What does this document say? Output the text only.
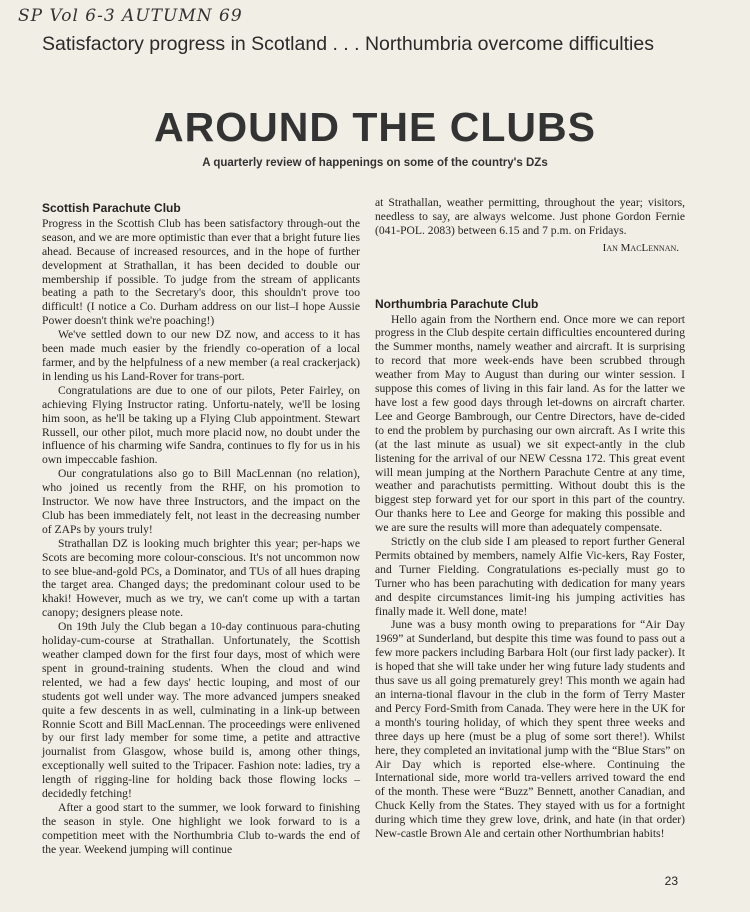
SP Vol 6-3 AUTUMN 69
Satisfactory progress in Scotland . . . Northumbria overcome difficulties
AROUND THE CLUBS
A quarterly review of happenings on some of the country's DZs
Scottish Parachute Club

Progress in the Scottish Club has been satisfactory through-out the season, and we are more optimistic than ever that a bright future lies ahead. Because of increased resources, and in the hope of further development at Strathallan, it has been decided to double our membership if possible. To judge from the stream of applicants beating a path to the Secretary's door, this shouldn't prove too difficult! (I notice a Co. Durham address on our list–I hope Aussie Power doesn't think we're poaching!)

We've settled down to our new DZ now, and access to it has been made much easier by the friendly co-operation of a local farmer, and by the helpfulness of a new member (a real crackerjack) in lending us his Land-Rover for trans-port.

Congratulations are due to one of our pilots, Peter Fairley, on achieving Flying Instructor rating. Unfortu-nately, we'll be losing him soon, as he'll be taking up a Flying Club appointment. Stewart Russell, our other pilot, much more placid now, no doubt under the influence of his charming wife Sandra, continues to fly for us in his own impeccable fashion.

Our congratulations also go to Bill MacLennan (no relation), who joined us recently from the RHF, on his promotion to Instructor. We now have three Instructors, and the impact on the Club has been immediately felt, not least in the decreasing number of ZAPs by yours truly!

Strathallan DZ is looking much brighter this year; per-haps we Scots are becoming more colour-conscious. It's not uncommon now to see blue-and-gold PCs, a Dominator, and TUs of all hues draping the target area. Changed days; the predominant colour used to be khaki! However, much as we try, we can't come up with a tartan canopy; designers please note.

On 19th July the Club began a 10-day continuous para-chuting holiday-cum-course at Strathallan. Unfortunately, the Scottish weather clamped down for the first four days, most of which were spent in ground-training students. When the cloud and wind relented, we had a few days' hectic louping, and most of our students got well under way. The more advanced jumpers sneaked quite a few descents in as well, culminating in a link-up between Ronnie Scott and Bill MacLennan. The proceedings were enlivened by our first lady member for some time, a petite and attractive journalist from Glasgow, whose build is, among other things, exceptionally well suited to the Tripacer. Fashion note: ladies, try a length of rigging-line for holding back those flowing locks – decidedly fetching!

After a good start to the summer, we look forward to finishing the season in style. One highlight we look forward to is a competition meet with the Northumbria Club to-wards the end of the year. Weekend jumping will continue

at Strathallan, weather permitting, throughout the year; visitors, needless to say, are always welcome. Just phone Gordon Fernie (041-POL. 2083) between 6.15 and 7 p.m. on Fridays.

Ian MacLennan.
Northumbria Parachute Club

Hello again from the Northern end. Once more we can report progress in the Club despite certain difficulties encountered during the Summer months, namely weather and aircraft. It is surprising to record that more week-ends have been scrubbed through weather from May to August than during our winter session. I suppose this comes of living in this fair land. As for the latter we have lost a few good days through let-downs on aircraft charter. Lee and George Bambrough, our Centre Directors, have de-cided to end the problem by purchasing our own aircraft. As I write this (at the last minute as usual) we sit expect-antly in the club listening for the arrival of our NEW Cessna 172. This great event will mean jumping at the Northern Parachute Centre at any time, weather and parachutists permitting. Without doubt this is the biggest step forward yet for our sport in this part of the country. Our thanks here to Lee and George for making this possible and we are sure the results will more than adequately compensate.

Strictly on the club side I am pleased to report further General Permits obtained by members, namely Alfie Vic-kers, Ray Foster, and Turner Fielding. Congratulations es-pecially must go to Turner who has been parachuting with dedication for many years and despite circumstances limit-ing his jumping activities has finally made it. Well done, mate!

June was a busy month owing to preparations for “Air Day 1969” at Sunderland, but despite this time was found to pass out a few more packers including Barbara Holt (our first lady packer). It is hoped that she will take under her wing future lady students and thus save us all going prematurely grey! This month we again had an interna-tional flavour in the club in the form of Terry Master and Percy Ford-Smith from Canada. They were here in the UK for a month's touring holiday, of which they spent three weeks and three days up here (must be a plug of some sort there!). Whilst here, they completed an invitational jump with the “Blue Stars” on Air Day which is reported else-where. Continuing the International side, more world tra-vellers arrived toward the end of the month. These were “Buzz” Bennett, another Canadian, and Chuck Kelly from the States. They stayed with us for a fortnight during which time they grew love, drink, and hate (in that order) New-castle Brown Ale and certain other Northumbrian habits!

23
